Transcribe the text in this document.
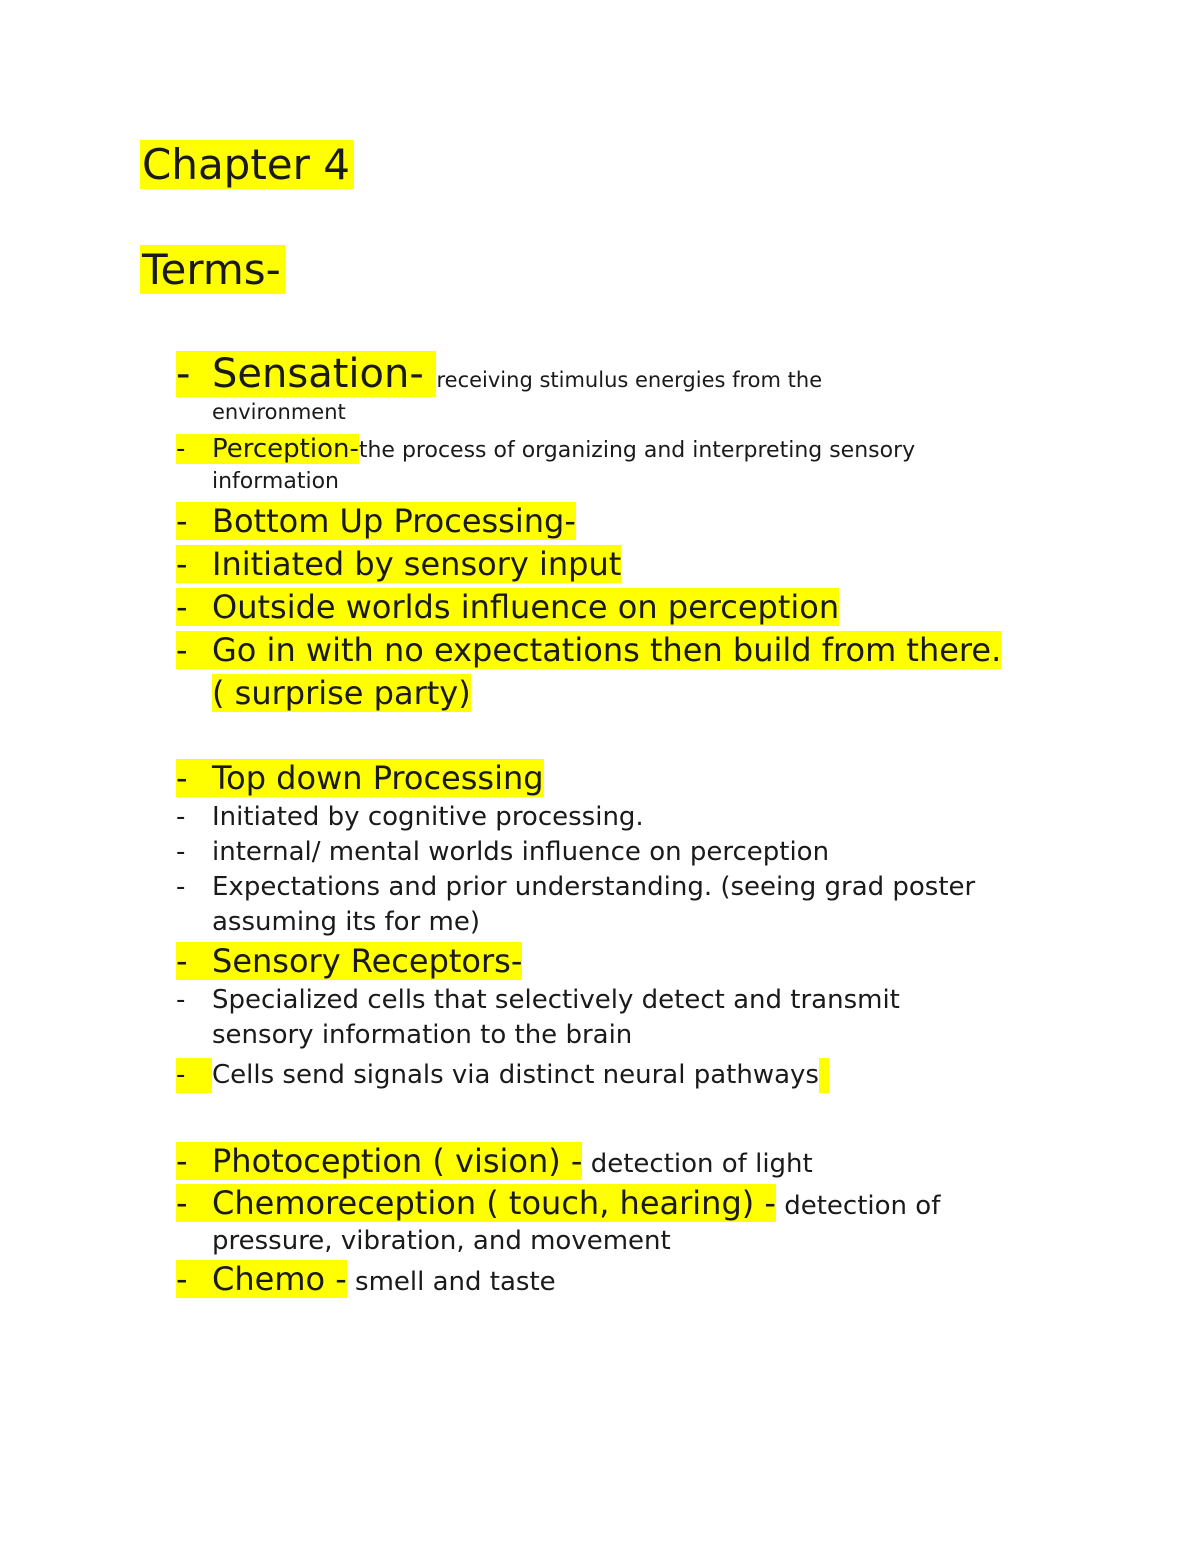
Chapter 4
Terms-
- Sensation- receiving stimulus energies from the
environment
- Perception-the process of organizing and interpreting sensory
information
- Bottom Up Processing-
- Initiated by sensory input
- Outside worlds influence on perception
- Go in with no expectations then build from there.
( surprise party)
- Top down Processing
- Initiated by cognitive processing.
- internal/ mental worlds influence on perception
- Expectations and prior understanding. (seeing grad poster
assuming its for me)
- Sensory Receptors-
- Specialized cells that selectively detect and transmit
sensory information to the brain
- Cells send signals via distinct neural pathways
- Photoception ( vision) - detection of light
- Chemoreception ( touch, hearing) - detection of
pressure, vibration, and movement
- Chemo - smell and taste
